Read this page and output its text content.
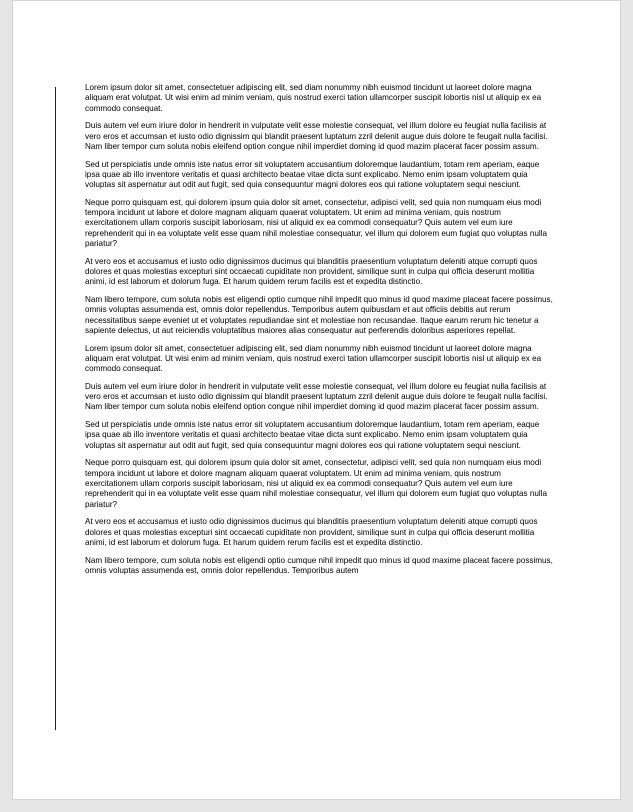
Lorem ipsum dolor sit amet, consectetuer adipiscing elit, sed diam nonummy nibh euismod tincidunt ut laoreet dolore magna aliquam erat volutpat. Ut wisi enim ad minim veniam, quis nostrud exerci tation ullamcorper suscipit lobortis nisl ut aliquip ex ea commodo consequat.

Duis autem vel eum iriure dolor in hendrerit in vulputate velit esse molestie consequat, vel illum dolore eu feugiat nulla facilisis at vero eros et accumsan et iusto odio dignissim qui blandit praesent luptatum zzril delenit augue duis dolore te feugait nulla facilisi. Nam liber tempor cum soluta nobis eleifend option congue nihil imperdiet doming id quod mazim placerat facer possim assum.

Sed ut perspiciatis unde omnis iste natus error sit voluptatem accusantium doloremque laudantium, totam rem aperiam, eaque ipsa quae ab illo inventore veritatis et quasi architecto beatae vitae dicta sunt explicabo. Nemo enim ipsam voluptatem quia voluptas sit aspernatur aut odit aut fugit, sed quia consequuntur magni dolores eos qui ratione voluptatem sequi nesciunt.

Neque porro quisquam est, qui dolorem ipsum quia dolor sit amet, consectetur, adipisci velit, sed quia non numquam eius modi tempora incidunt ut labore et dolore magnam aliquam quaerat voluptatem. Ut enim ad minima veniam, quis nostrum exercitationem ullam corporis suscipit laboriosam, nisi ut aliquid ex ea commodi consequatur? Quis autem vel eum iure reprehenderit qui in ea voluptate velit esse quam nihil molestiae consequatur, vel illum qui dolorem eum fugiat quo voluptas nulla pariatur?

At vero eos et accusamus et iusto odio dignissimos ducimus qui blanditiis praesentium voluptatum deleniti atque corrupti quos dolores et quas molestias excepturi sint occaecati cupiditate non provident, similique sunt in culpa qui officia deserunt mollitia animi, id est laborum et dolorum fuga. Et harum quidem rerum facilis est et expedita distinctio.

Nam libero tempore, cum soluta nobis est eligendi optio cumque nihil impedit quo minus id quod maxime placeat facere possimus, omnis voluptas assumenda est, omnis dolor repellendus. Temporibus autem quibusdam et aut officiis debitis aut rerum necessitatibus saepe eveniet ut et voluptates repudiandae sint et molestiae non recusandae. Itaque earum rerum hic tenetur a sapiente delectus, ut aut reiciendis voluptatibus maiores alias consequatur aut perferendis doloribus asperiores repellat.

Lorem ipsum dolor sit amet, consectetuer adipiscing elit, sed diam nonummy nibh euismod tincidunt ut laoreet dolore magna aliquam erat volutpat. Ut wisi enim ad minim veniam, quis nostrud exerci tation ullamcorper suscipit lobortis nisl ut aliquip ex ea commodo consequat.

Duis autem vel eum iriure dolor in hendrerit in vulputate velit esse molestie consequat, vel illum dolore eu feugiat nulla facilisis at vero eros et accumsan et iusto odio dignissim qui blandit praesent luptatum zzril delenit augue duis dolore te feugait nulla facilisi. Nam liber tempor cum soluta nobis eleifend option congue nihil imperdiet doming id quod mazim placerat facer possim assum.

Sed ut perspiciatis unde omnis iste natus error sit voluptatem accusantium doloremque laudantium, totam rem aperiam, eaque ipsa quae ab illo inventore veritatis et quasi architecto beatae vitae dicta sunt explicabo. Nemo enim ipsam voluptatem quia voluptas sit aspernatur aut odit aut fugit, sed quia consequuntur magni dolores eos qui ratione voluptatem sequi nesciunt.

Neque porro quisquam est, qui dolorem ipsum quia dolor sit amet, consectetur, adipisci velit, sed quia non numquam eius modi tempora incidunt ut labore et dolore magnam aliquam quaerat voluptatem. Ut enim ad minima veniam, quis nostrum exercitationem ullam corporis suscipit laboriosam, nisi ut aliquid ex ea commodi consequatur? Quis autem vel eum iure reprehenderit qui in ea voluptate velit esse quam nihil molestiae consequatur, vel illum qui dolorem eum fugiat quo voluptas nulla pariatur?

At vero eos et accusamus et iusto odio dignissimos ducimus qui blanditiis praesentium voluptatum deleniti atque corrupti quos dolores et quas molestias excepturi sint occaecati cupiditate non provident, similique sunt in culpa qui officia deserunt mollitia animi, id est laborum et dolorum fuga. Et harum quidem rerum facilis est et expedita distinctio.

Nam libero tempore, cum soluta nobis est eligendi optio cumque nihil impedit quo minus id quod maxime placeat facere possimus, omnis voluptas assumenda est, omnis dolor repellendus. Temporibus autem
